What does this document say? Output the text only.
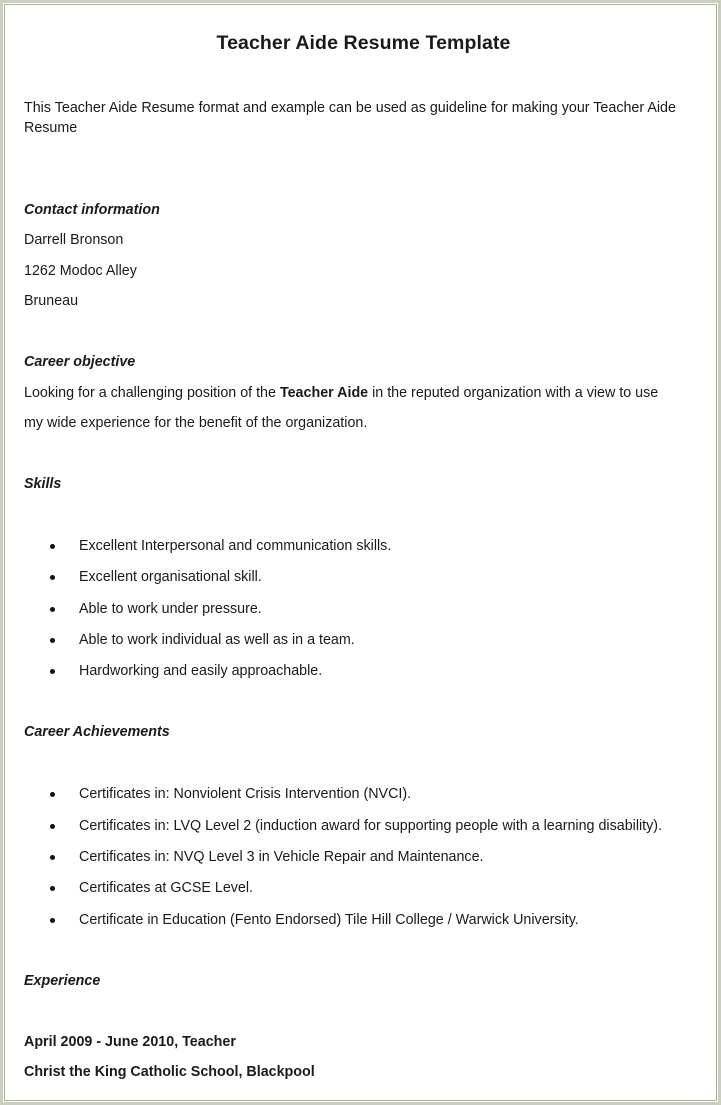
Teacher Aide Resume Template

This Teacher Aide Resume format and example can be used as guideline for making your Teacher Aide Resume

Contact information

Darrell Bronson

1262 Modoc Alley

Bruneau

Career objective

Looking for a challenging position of the Teacher Aide in the reputed organization with a view to use

my wide experience for the benefit of the organization.

Skills

Excellent Interpersonal and communication skills.
Excellent organisational skill.
Able to work under pressure.
Able to work individual as well as in a team.
Hardworking and easily approachable.

Career Achievements

Certificates in: Nonviolent Crisis Intervention (NVCI).
Certificates in: LVQ Level 2 (induction award for supporting people with a learning disability).
Certificates in: NVQ Level 3 in Vehicle Repair and Maintenance.
Certificates at GCSE Level.
Certificate in Education (Fento Endorsed) Tile Hill College / Warwick University.

Experience

April 2009 - June 2010, Teacher

Christ the King Catholic School, Blackpool
